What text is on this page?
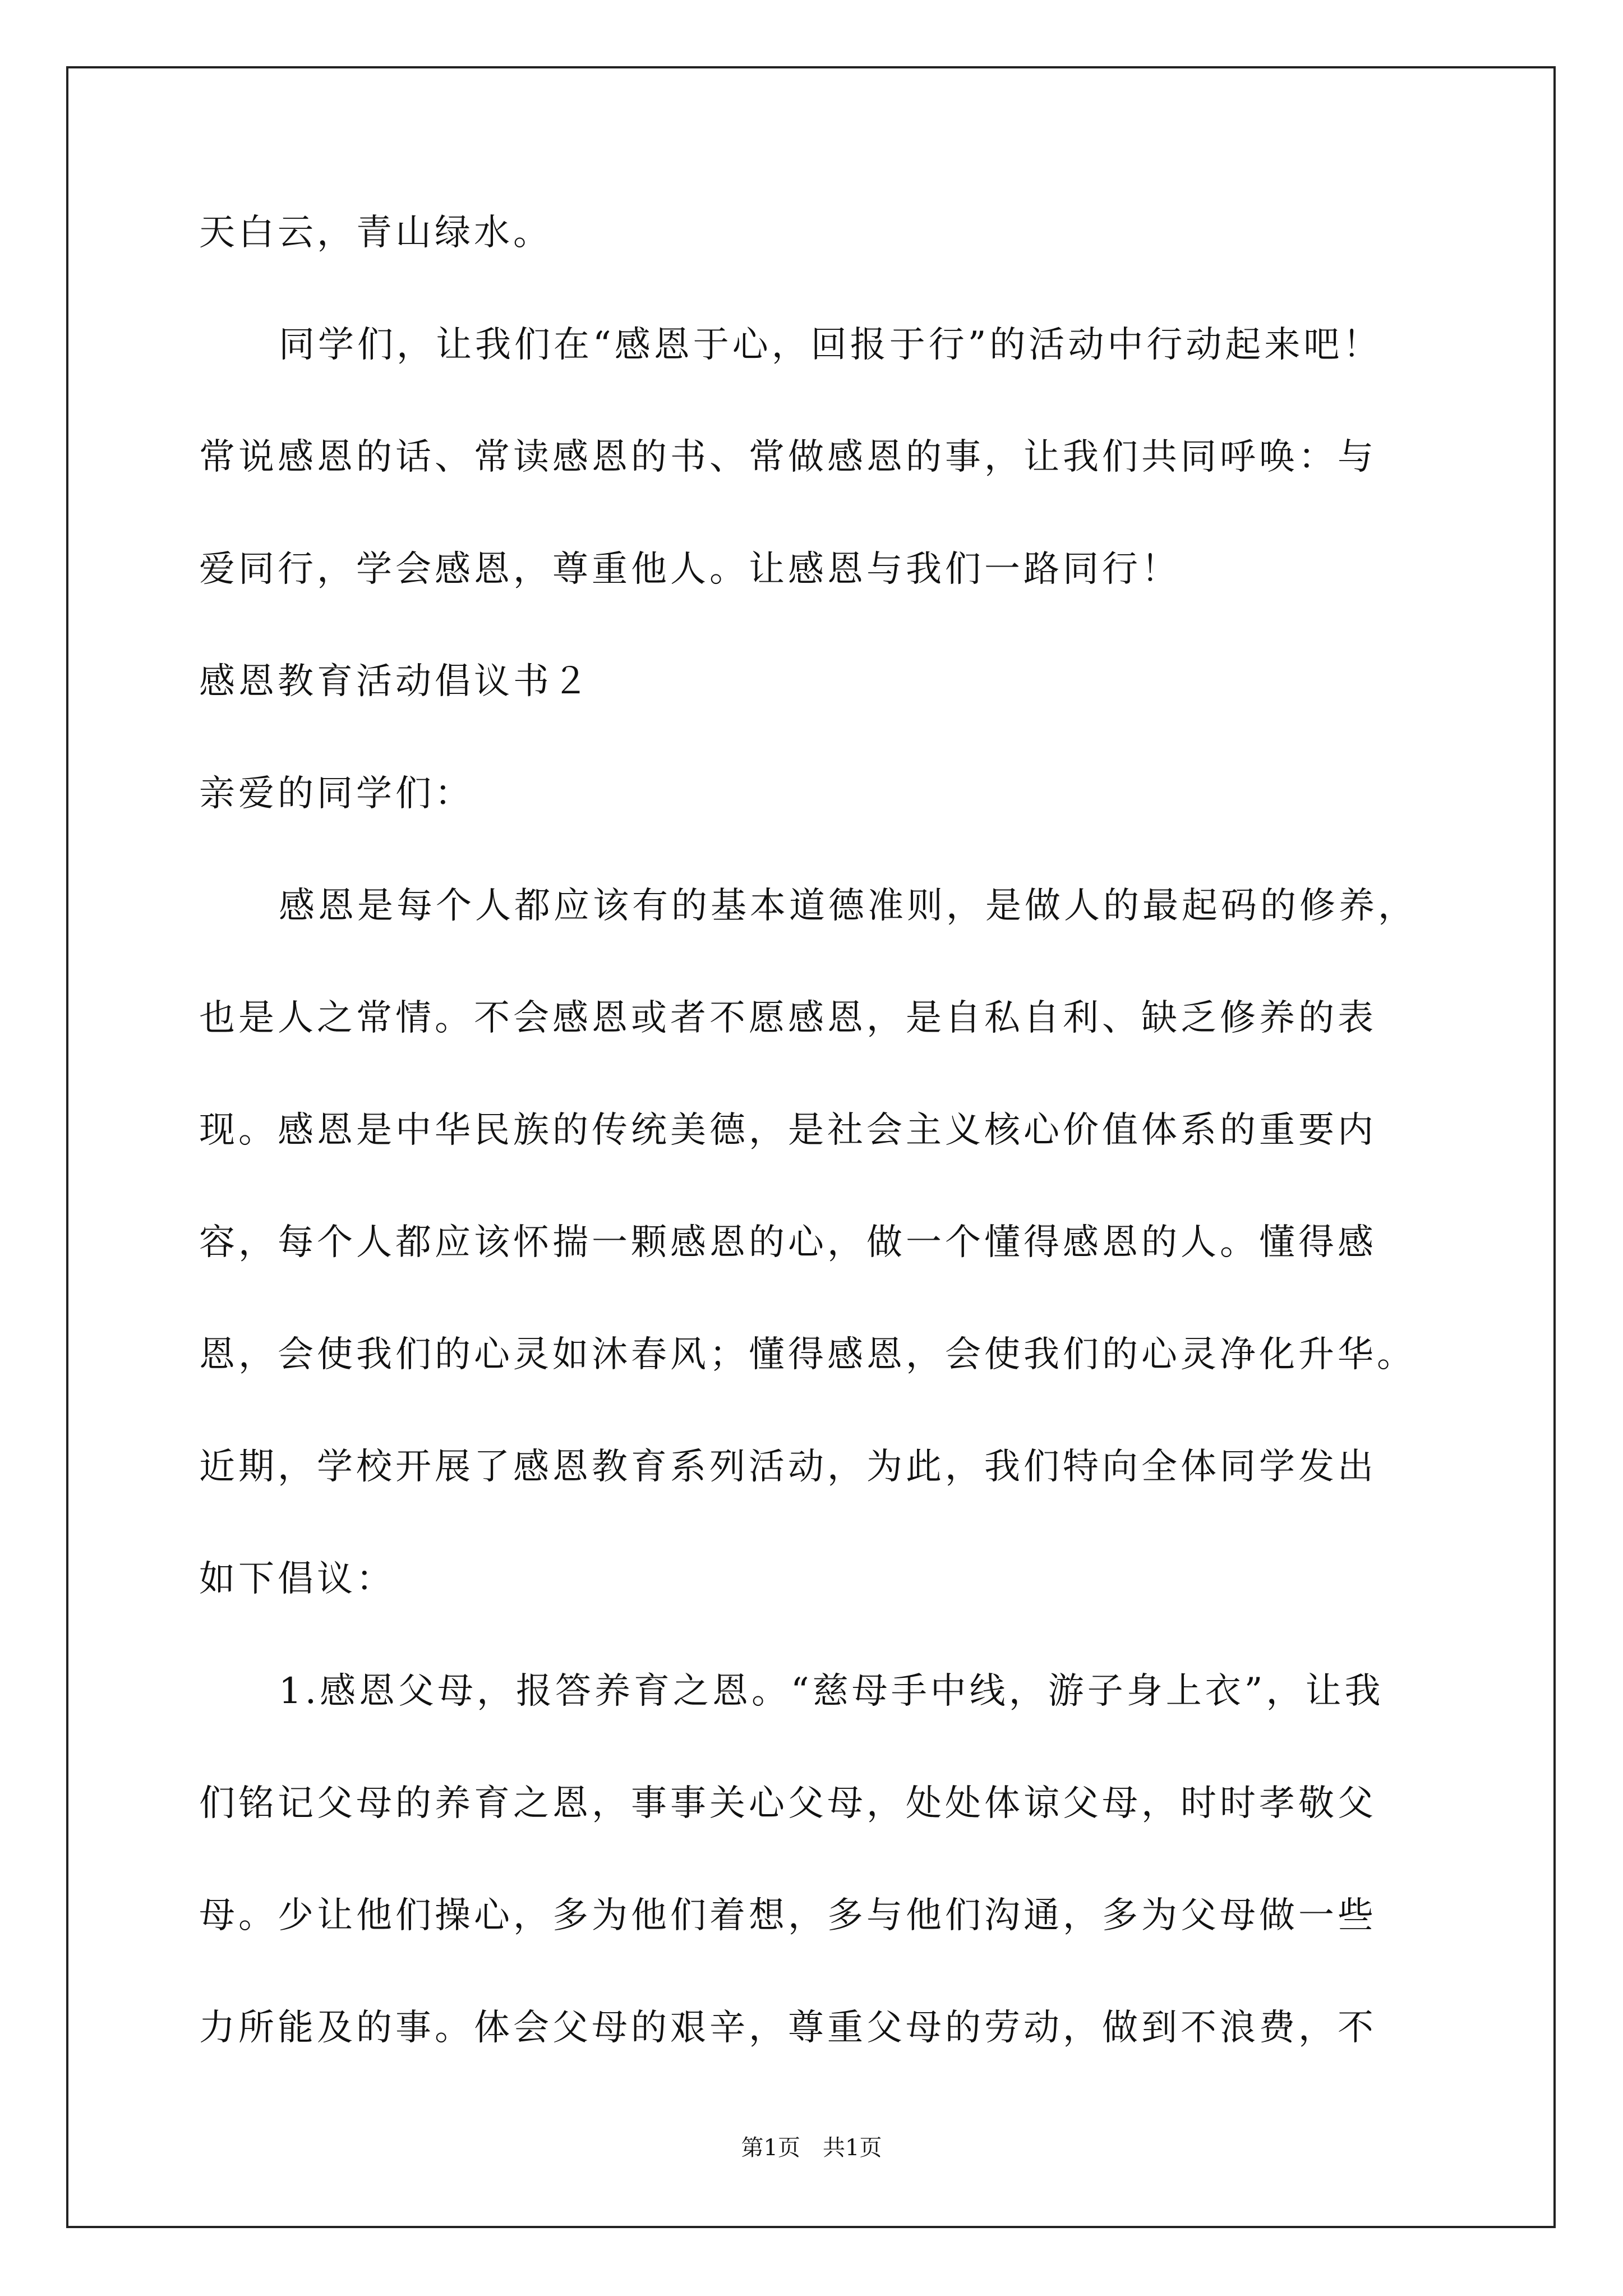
天白云，青山绿水。
同学们，让我们在“感恩于心，回报于行”的活动中行动起来吧！
常说感恩的话、常读感恩的书、常做感恩的事，让我们共同呼唤：与
爱同行，学会感恩，尊重他人。让感恩与我们一路同行！
感恩教育活动倡议书２
亲爱的同学们：
感恩是每个人都应该有的基本道德准则，是做人的最起码的修养，
也是人之常情。不会感恩或者不愿感恩，是自私自利、缺乏修养的表
现。感恩是中华民族的传统美德，是社会主义核心价值体系的重要内
容，每个人都应该怀揣一颗感恩的心，做一个懂得感恩的人。懂得感
恩，会使我们的心灵如沐春风；懂得感恩，会使我们的心灵净化升华。
近期，学校开展了感恩教育系列活动，为此，我们特向全体同学发出
如下倡议：
1.感恩父母，报答养育之恩。“慈母手中线，游子身上衣”，让我
们铭记父母的养育之恩，事事关心父母，处处体谅父母，时时孝敬父
母。少让他们操心，多为他们着想，多与他们沟通，多为父母做一些
力所能及的事。体会父母的艰辛，尊重父母的劳动，做到不浪费，不
第1页 共1页
